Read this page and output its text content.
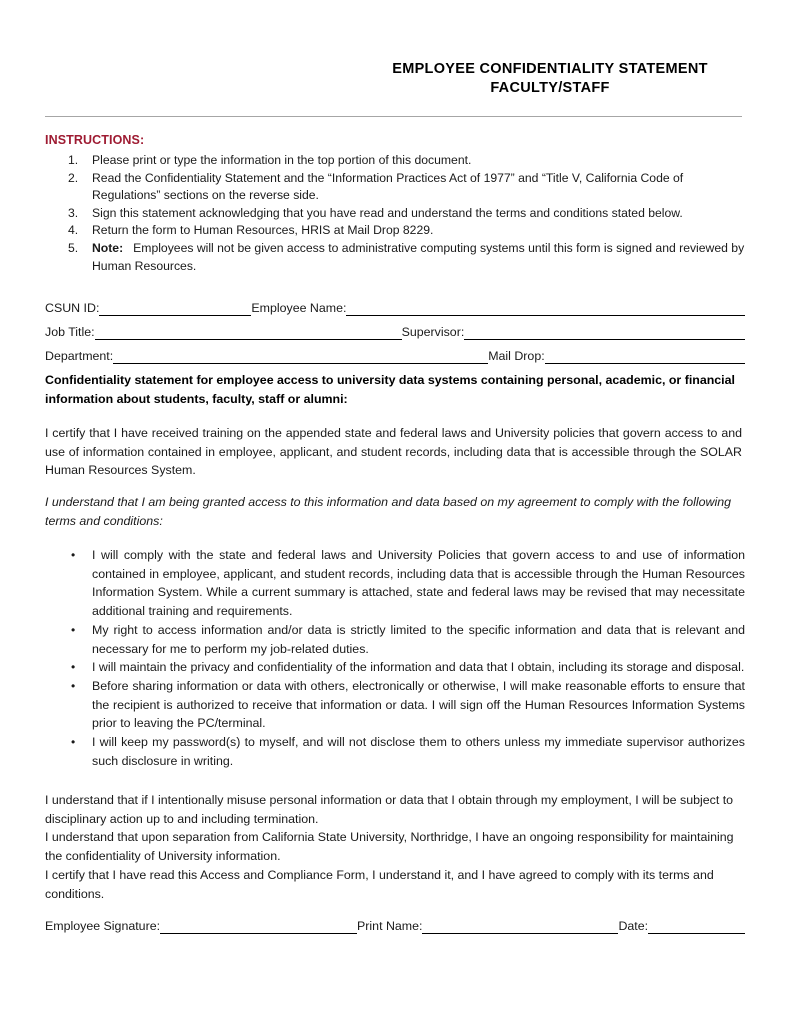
EMPLOYEE CONFIDENTIALITY STATEMENT
FACULTY/STAFF
INSTRUCTIONS:
1.	Please print or type the information in the top portion of this document.
2.	Read the Confidentiality Statement and the “Information Practices Act of 1977” and “Title V, California Code of Regulations” sections on the reverse side.
3.	Sign this statement acknowledging that you have read and understand the terms and conditions stated below.
4.	Return the form to Human Resources, HRIS at Mail Drop 8229.
5.	Note: Employees will not be given access to administrative computing systems until this form is signed and reviewed by Human Resources.
CSUN ID:	Employee Name:
Job Title:	Supervisor:
Department:	Mail Drop:
Confidentiality statement for employee access to university data systems containing personal, academic, or financial information about students, faculty, staff or alumni:
I certify that I have received training on the appended state and federal laws and University policies that govern access to and use of information contained in employee, applicant, and student records, including data that is accessible through the SOLAR Human Resources System.
I understand that I am being granted access to this information and data based on my agreement to comply with the following terms and conditions:
• I will comply with the state and federal laws and University Policies that govern access to and use of information contained in employee, applicant, and student records, including data that is accessible through the Human Resources Information System. While a current summary is attached, state and federal laws may be revised that may necessitate additional training and requirements.
• My right to access information and/or data is strictly limited to the specific information and data that is relevant and necessary for me to perform my job-related duties.
• I will maintain the privacy and confidentiality of the information and data that I obtain, including its storage and disposal.
• Before sharing information or data with others, electronically or otherwise, I will make reasonable efforts to ensure that the recipient is authorized to receive that information or data. I will sign off the Human Resources Information Systems prior to leaving the PC/terminal.
• I will keep my password(s) to myself, and will not disclose them to others unless my immediate supervisor authorizes such disclosure in writing.

I understand that if I intentionally misuse personal information or data that I obtain through my employment, I will be subject to disciplinary action up to and including termination.

I understand that upon separation from California State University, Northridge, I have an ongoing responsibility for maintaining the confidentiality of University information.

I certify that I have read this Access and Compliance Form, I understand it, and I have agreed to comply with its terms and conditions.

Employee Signature:	Print Name:	Date:
